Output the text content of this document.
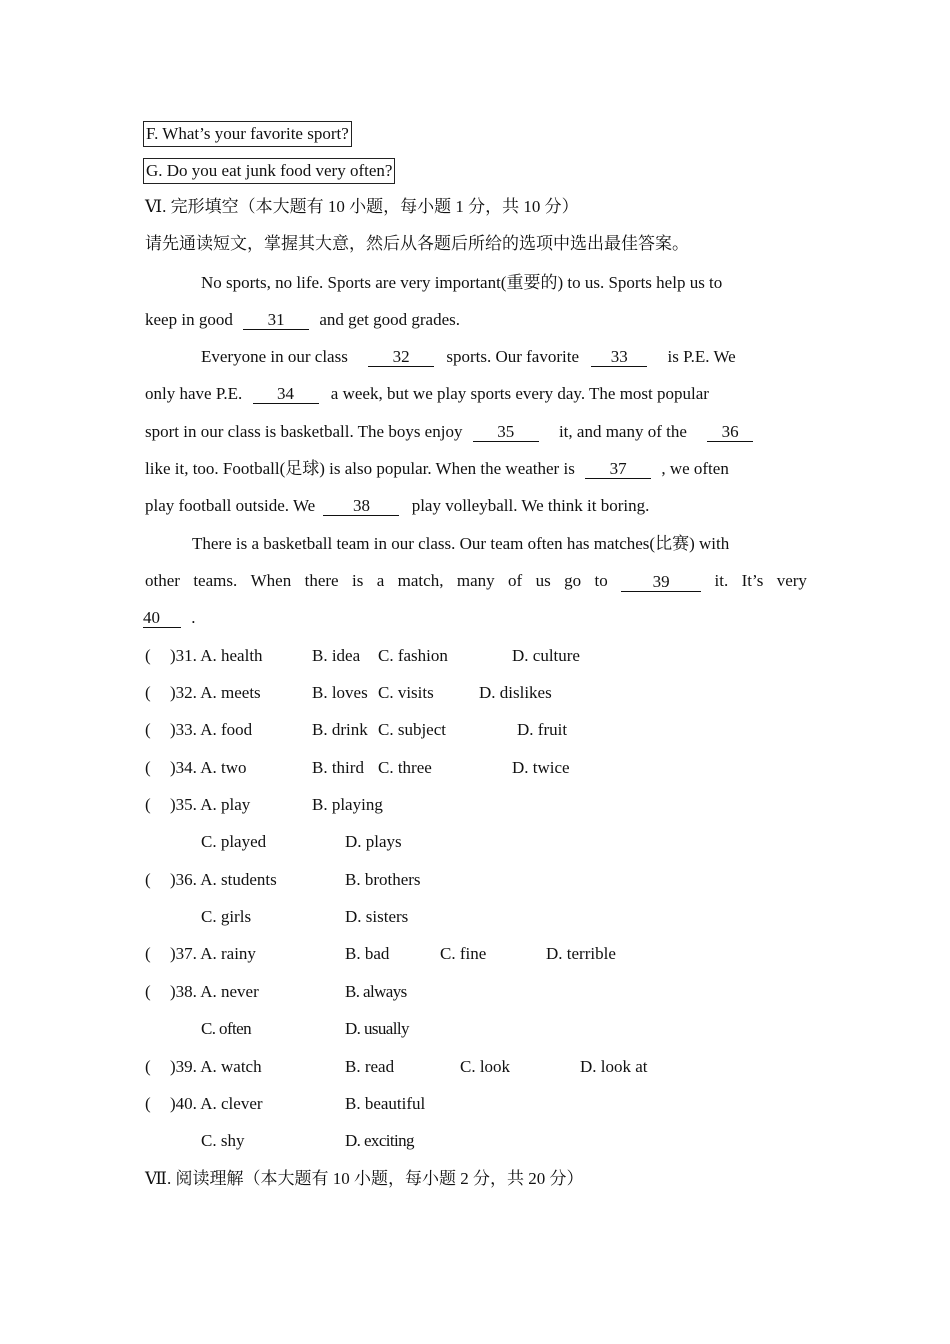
F. What’s your favorite sport?
G. Do you eat junk food very often?
Ⅵ. 完形填空（本大题有 10 小题，每小题 1 分，共 10 分）
请先通读短文，掌握其大意，然后从各题后所给的选项中选出最佳答案。
No sports, no life. Sports are very important(重要的) to us. Sports help us to
keep in good 31 and get good grades.
Everyone in our class	32 sports. Our favorite 33 is P.E. We
only have P.E. 34 a week, but we play sports every day. The most popular
sport in our class is basketball. The boys enjoy 35	it, and many of the 36
like it, too. Football(足球) is also popular. When the weather is 37 , we often
play football outside. We 38 play volleyball. We think it boring.
There is a basketball team in our class. Our team often has matches(比赛) with
other teams. When there is a match, many of us go to	39	it. It’s very
40 .
( )31. A. health	B. idea C. fashion	D. culture
( )32. A. meets	B. loves C. visits	D. dislikes
( )33. A. food	B. drink C. subject	D. fruit
( )34. A. two	B. third C. three	D. twice
( )35. A. play	B. playing
C. played	D. plays
( )36. A. students	B. brothers
C. girls	D. sisters
( )37. A. rainy	B. bad	C. fine	D. terrible
( )38. A. never	B. always
C. often	D. usually
( )39. A. watch	B. read	C. look	D. look at
( )40. A. clever	B. beautiful
C. shy	D. exciting
Ⅶ. 阅读理解（本大题有 10 小题，每小题 2 分，共 20 分）
